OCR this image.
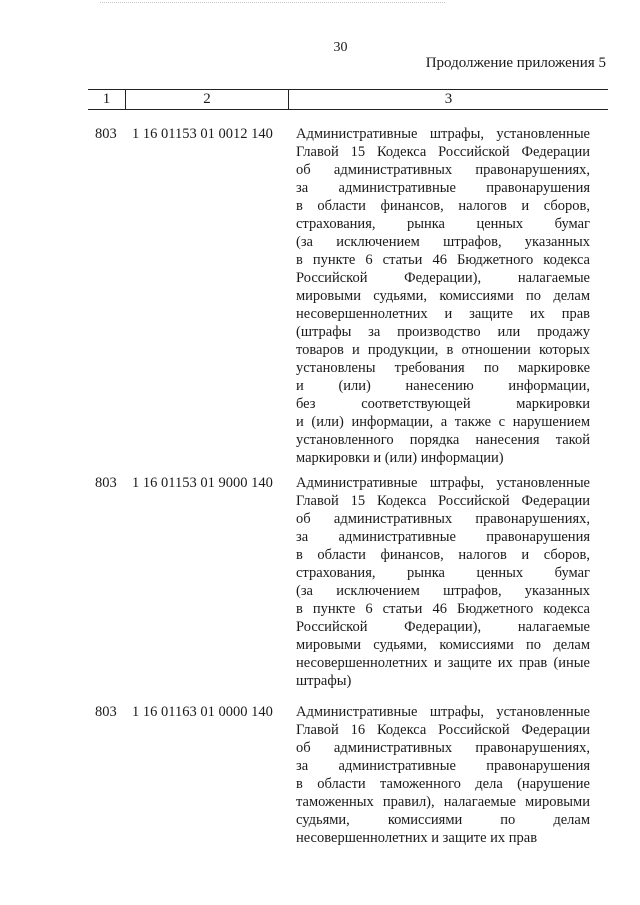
30
Продолжение приложения 5
1	2	3
803 1 16 01153 01 0012 140 Административные штрафы, установленные
Главой 15 Кодекса Российской Федерации
об административных правонарушениях,
за административные правонарушения
в области финансов, налогов и сборов,
страхования, рынка ценных бумаг
(за исключением штрафов, указанных
в пункте 6 статьи 46 Бюджетного кодекса
Российской Федерации), налагаемые
мировыми судьями, комиссиями по делам
несовершеннолетних и защите их прав
(штрафы за производство или продажу
товаров и продукции, в отношении которых
установлены требования по маркировке
и (или) нанесению информации,
без соответствующей маркировки
и (или) информации, а также с нарушением
установленного порядка нанесения такой
маркировки и (или) информации)
803 1 16 01153 01 9000 140 Административные штрафы, установленные
Главой 15 Кодекса Российской Федерации
об административных правонарушениях,
за административные правонарушения
в области финансов, налогов и сборов,
страхования, рынка ценных бумаг
(за исключением штрафов, указанных
в пункте 6 статьи 46 Бюджетного кодекса
Российской Федерации), налагаемые
мировыми судьями, комиссиями по делам
несовершеннолетних и защите их прав (иные
штрафы)
803 1 16 01163 01 0000 140 Административные штрафы, установленные
Главой 16 Кодекса Российской Федерации
об административных правонарушениях,
за административные правонарушения
в области таможенного дела (нарушение
таможенных правил), налагаемые мировыми
судьями, комиссиями по делам
несовершеннолетних и защите их прав
